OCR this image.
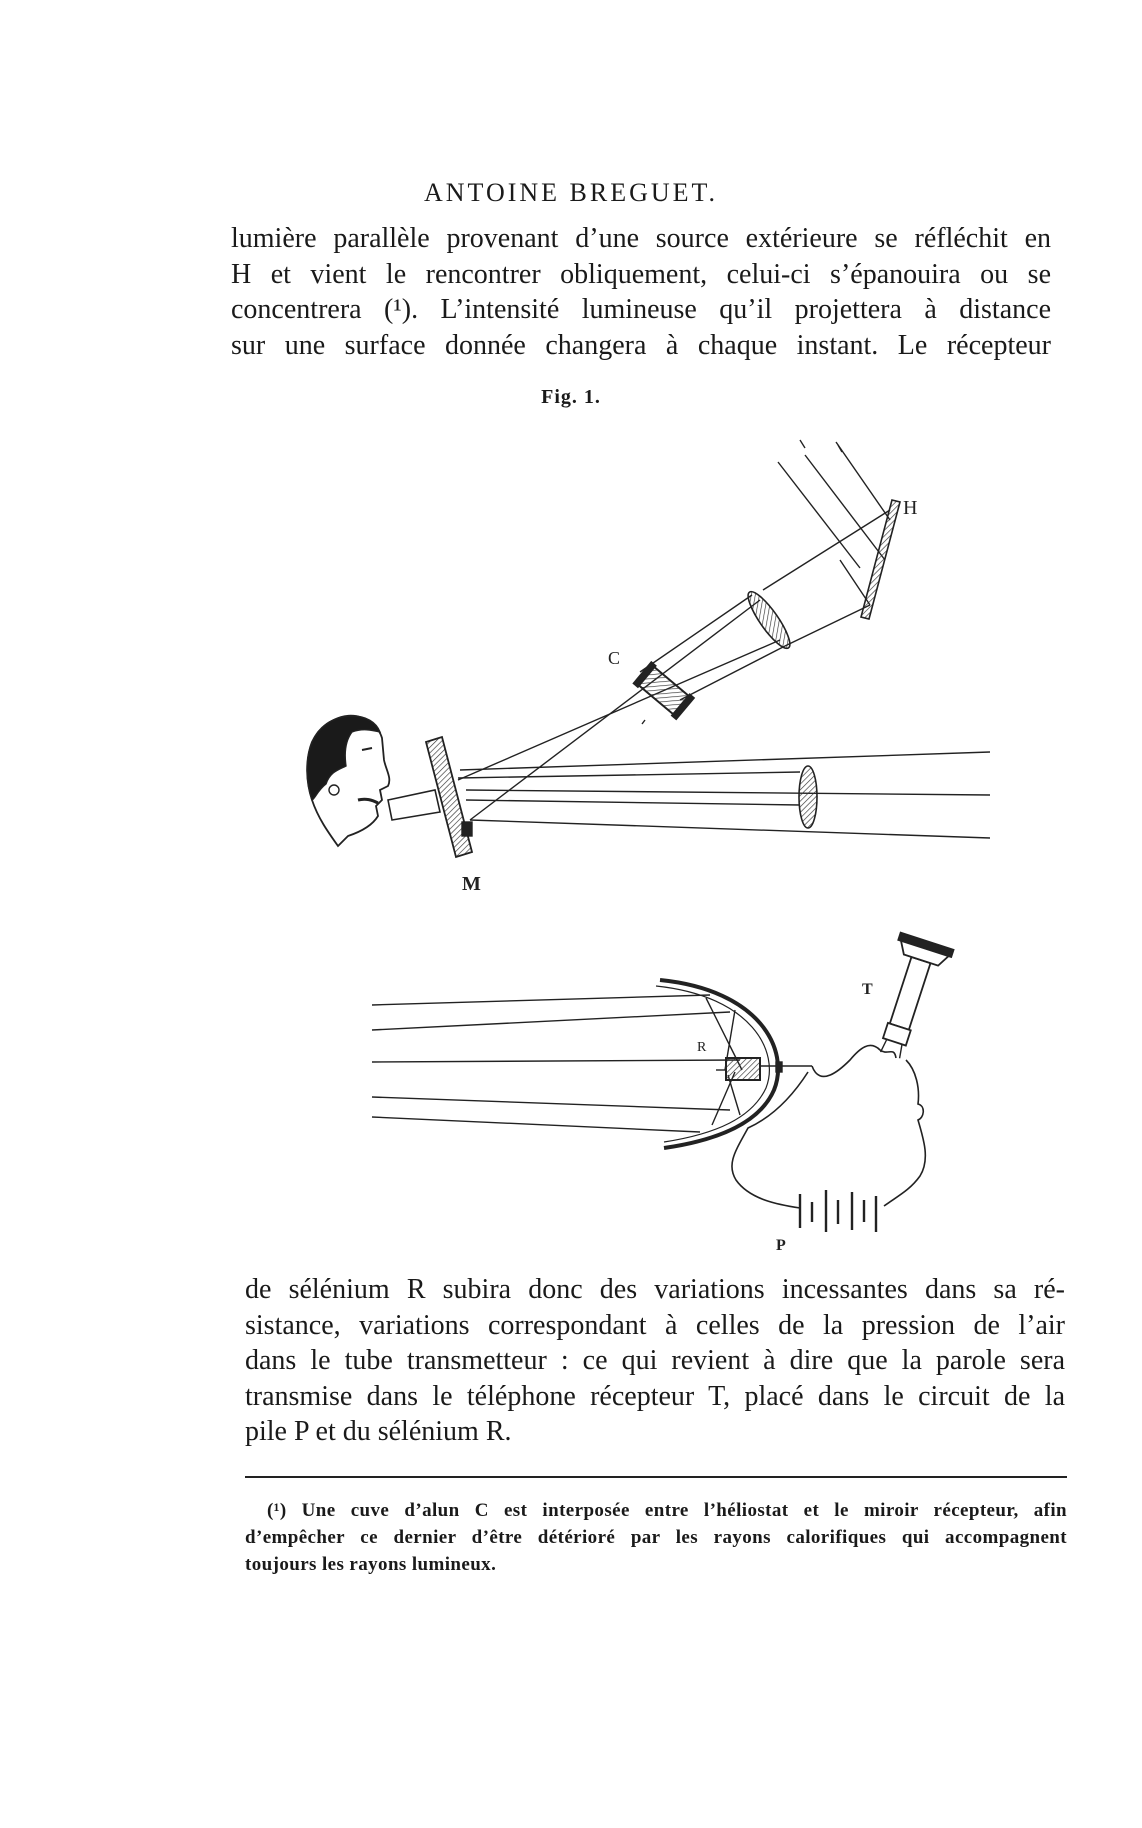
ANTOINE BREGUET.
lumière parallèle provenant d’une source extérieure se réfléchit en
H et vient le rencontrer obliquement, celui-ci s’épanouira ou se
concentrera (¹). L’intensité lumineuse qu’il projettera à distance
sur une surface donnée changera à chaque instant. Le récepteur
Fig. 1.
H
C
M
T
R
P
de sélénium R subira donc des variations incessantes dans sa ré-
sistance, variations correspondant à celles de la pression de l’air
dans le tube transmetteur : ce qui revient à dire que la parole sera
transmise dans le téléphone récepteur T, placé dans le circuit de la
pile P et du sélénium R.
(¹) Une cuve d’alun C est interposée entre l’héliostat et le miroir récepteur, afin
d’empêcher ce dernier d’être détérioré par les rayons calorifiques qui accompagnent
toujours les rayons lumineux.
